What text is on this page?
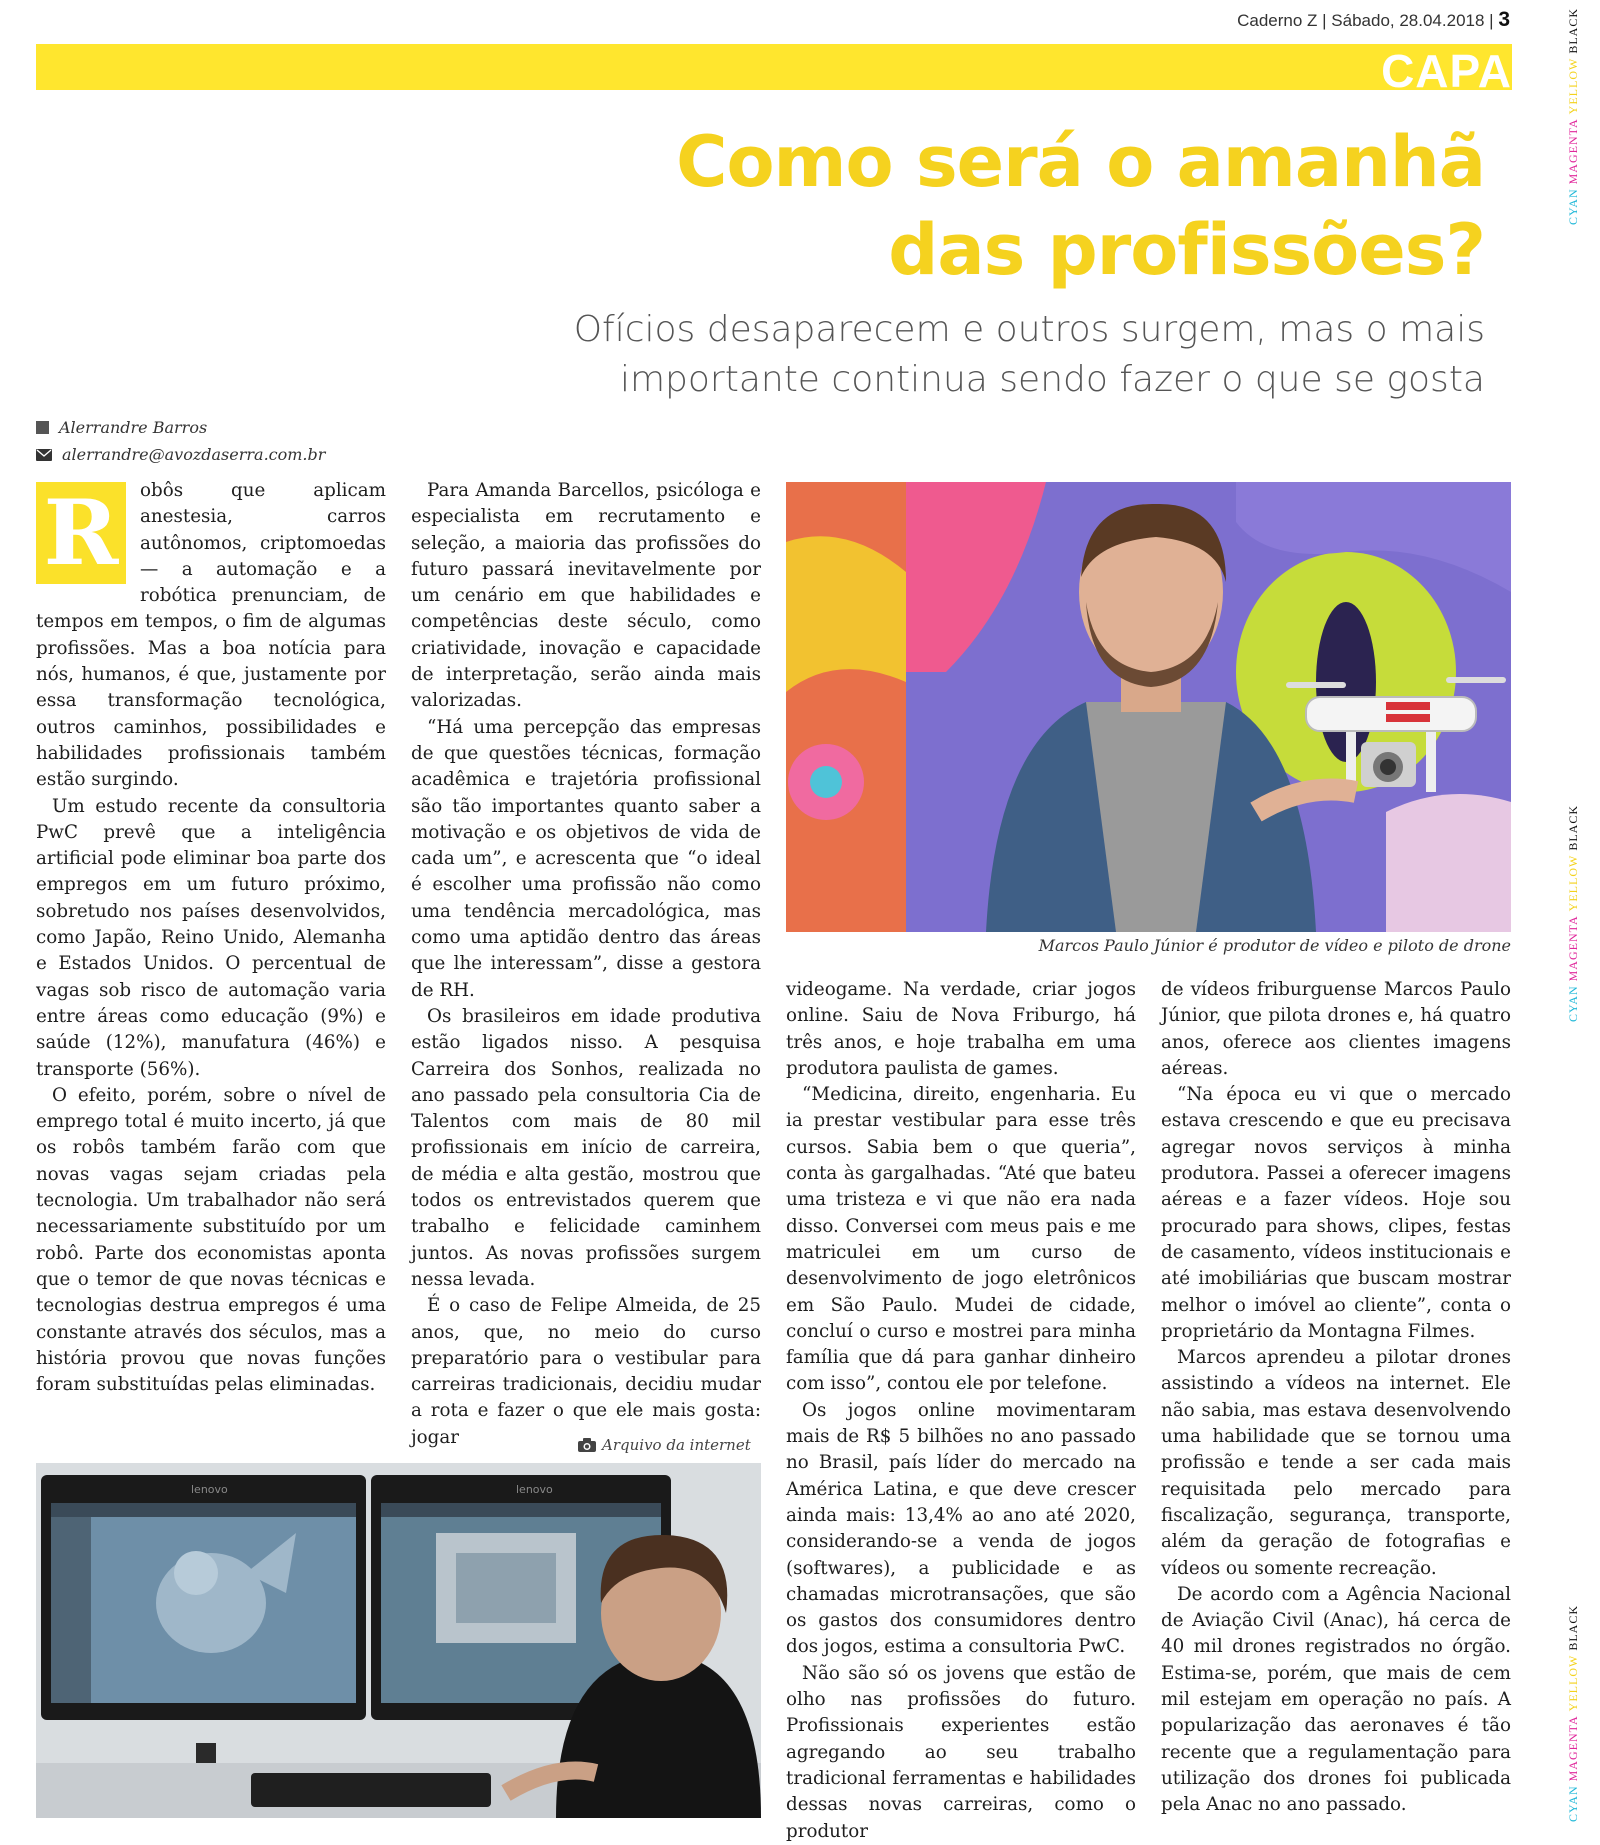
Caderno Z | Sábado, 28.04.2018 | 3
CAPA
Como será o amanhã
das profissões?
Ofícios desaparecem e outros surgem, mas o mais
importante continua sendo fazer o que se gosta
Alerrandre Barros
alerrandre@avozdaserra.com.br
R	obôs que aplicam anestesia, carros autônomos, criptomoedas — a automação e a robótica prenunciam, de tempos em tempos, o fim de algumas profissões. Mas a boa notícia para nós, humanos, é que, justamente por essa transformação tecnológica, outros caminhos, possibilidades e habilidades profissionais também estão surgindo.

Um estudo recente da consultoria PwC prevê que a inteligência artificial pode eliminar boa parte dos empregos em um futuro próximo, sobretudo nos países desenvolvidos, como Japão, Reino Unido, Alemanha e Estados Unidos. O percentual de vagas sob risco de automação varia entre áreas como educação (9%) e saúde (12%), manufatura (46%) e transporte (56%).

O efeito, porém, sobre o nível de emprego total é muito incerto, já que os robôs também farão com que novas vagas sejam criadas pela tecnologia. Um trabalhador não será necessariamente substituído por um robô. Parte dos economistas aponta que o temor de que novas técnicas e tecnologias destrua empregos é uma constante através dos séculos, mas a história provou que novas funções foram substituídas pelas eliminadas.

Para Amanda Barcellos, psicóloga e especialista em recrutamento e seleção, a maioria das profissões do futuro passará inevitavelmente por um cenário em que habilidades e competências deste século, como criatividade, inovação e capacidade de interpretação, serão ainda mais valorizadas.

“Há uma percepção das empresas de que questões técnicas, formação acadêmica e trajetória profissional são tão importantes quanto saber a motivação e os objetivos de vida de cada um”, e acrescenta que “o ideal é escolher uma profissão não como uma tendência mercadológica, mas como uma aptidão dentro das áreas que lhe interessam”, disse a gestora de RH.

Os brasileiros em idade produtiva estão ligados nisso. A pesquisa Carreira dos Sonhos, realizada no ano passado pela consultoria Cia de Talentos com mais de 80 mil profissionais em início de carreira, de média e alta gestão, mostrou que todos os entrevistados querem que trabalho e felicidade caminhem juntos. As novas profissões surgem nessa levada.

É o caso de Felipe Almeida, de 25 anos, que, no meio do curso preparatório para o vestibular para carreiras tradicionais, decidiu mudar a rota e fazer o que ele mais gosta: jogar

Marcos Paulo Júnior é produtor de vídeo e piloto de drone
Arquivo da internet
lenovo	lenovo

videogame. Na verdade, criar jogos online. Saiu de Nova Friburgo, há três anos, e hoje trabalha em uma produtora paulista de games.

“Medicina, direito, engenharia. Eu ia prestar vestibular para esse três cursos. Sabia bem o que queria”, conta às gargalhadas. “Até que bateu uma tristeza e vi que não era nada disso. Conversei com meus pais e me matriculei em um curso de desenvolvimento de jogo eletrônicos em São Paulo. Mudei de cidade, concluí o curso e mostrei para minha família que dá para ganhar dinheiro com isso”, contou ele por telefone.

Os jogos online movimentaram mais de R$ 5 bilhões no ano passado no Brasil, país líder do mercado na América Latina, e que deve crescer ainda mais: 13,4% ao ano até 2020, considerando-se a venda de jogos (softwares), a publicidade e as chamadas microtransações, que são os gastos dos consumidores dentro dos jogos, estima a consultoria PwC.

Não são só os jovens que estão de olho nas profissões do futuro. Profissionais experientes estão agregando ao seu trabalho tradicional ferramentas e habilidades dessas novas carreiras, como o produtor

de vídeos friburguense Marcos Paulo Júnior, que pilota drones e, há quatro anos, oferece aos clientes imagens aéreas.

“Na época eu vi que o mercado estava crescendo e que eu precisava agregar novos serviços à minha produtora. Passei a oferecer imagens aéreas e a fazer vídeos. Hoje sou procurado para shows, clipes, festas de casamento, vídeos institucionais e até imobiliárias que buscam mostrar melhor o imóvel ao cliente”, conta o proprietário da Montagna Filmes.

Marcos aprendeu a pilotar drones assistindo a vídeos na internet. Ele não sabia, mas estava desenvolvendo uma habilidade que se tornou uma profissão e tende a ser cada mais requisitada pelo mercado para fiscalização, segurança, transporte, além da geração de fotografias e vídeos ou somente recreação.

De acordo com a Agência Nacional de Aviação Civil (Anac), há cerca de 40 mil drones registrados no órgão. Estima-se, porém, que mais de cem mil estejam em operação no país. A popularização das aeronaves é tão recente que a regulamentação para utilização dos drones foi publicada pela Anac no ano passado.

CYAN MAGENTA YELLOW BLACK
CYAN MAGENTA YELLOW BLACK
CYAN MAGENTA YELLOW BLACK
